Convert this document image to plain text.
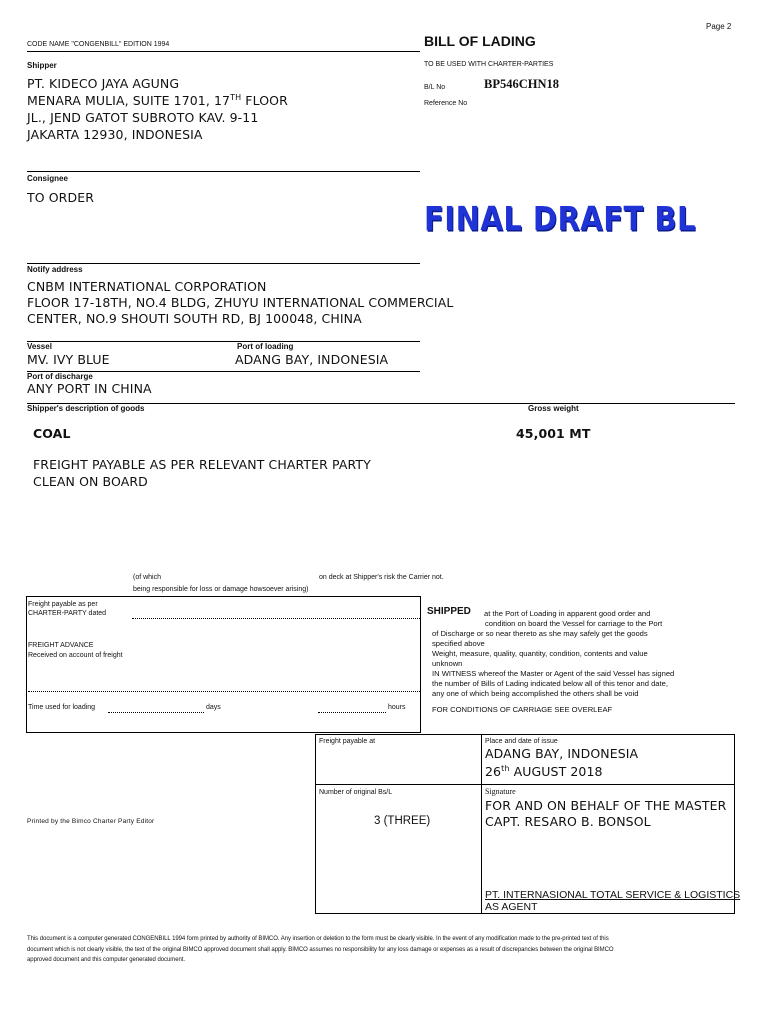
Page 2
CODE NAME "CONGENBILL" EDITION 1994	BILL OF LADING
TO BE USED WITH CHARTER-PARTIES
Shipper
PT. KIDECO JAYA AGUNG
MENARA MULIA, SUITE 1701, 17TH FLOOR
JL., JEND GATOT SUBROTO KAV. 9-11
JAKARTA 12930, INDONESIA
B/L No	BP546CHN18
Reference No
Consignee
TO ORDER
FINAL DRAFT BL
Notify address
CNBM INTERNATIONAL CORPORATION
FLOOR 17-18TH, NO.4 BLDG, ZHUYU INTERNATIONAL COMMERCIAL
CENTER, NO.9 SHOUTI SOUTH RD, BJ 100048, CHINA
Vessel	Port of loading
MV. IVY BLUE	ADANG BAY, INDONESIA
Port of discharge
ANY PORT IN CHINA
Shipper's description of goods	Gross weight
COAL	45,001 MT
FREIGHT PAYABLE AS PER RELEVANT CHARTER PARTY
CLEAN ON BOARD
(of which	on deck at Shipper's risk the Carrier not.
being responsible for loss or damage howsoever arising)
Freight payable as per
CHARTER-PARTY dated
FREIGHT ADVANCE
Received on account of freight
Time used for loading	days	hours
SHIPPED	at the Port of Loading in apparent good order and
condition on board the Vessel for carriage to the Port
of Discharge or so near thereto as she may safely get the goods
specified above
Weight, measure, quality, quantity, condition, contents and value
unknown
IN WITNESS whereof the Master or Agent of the said Vessel has signed
the number of Bills of Lading indicated below all of this tenor and date,
any one of which being accomplished the others shall be void
FOR CONDITIONS OF CARRIAGE SEE OVERLEAF
Freight payable at	Place and date of issue
ADANG BAY, INDONESIA
26th AUGUST 2018
Number of original Bs/L
3 (THREE)
Signature
FOR AND ON BEHALF OF THE MASTER
CAPT. RESARO B. BONSOL
PT. INTERNASIONAL TOTAL SERVICE & LOGISTICS
AS AGENT
Printed by the Bimco Charter Party Editor
This document is a computer generated CONGENBILL 1994 form printed by authority of BIMCO. Any insertion or deletion to the form must be clearly visible. In the event of any modification made to the pre-printed text of this
document which is not clearly visible, the text of the original BIMCO approved document shall apply. BIMCO assumes no responsibility for any loss damage or expenses as a result of discrepancies between the original BIMCO
approved document and this computer generated document.
